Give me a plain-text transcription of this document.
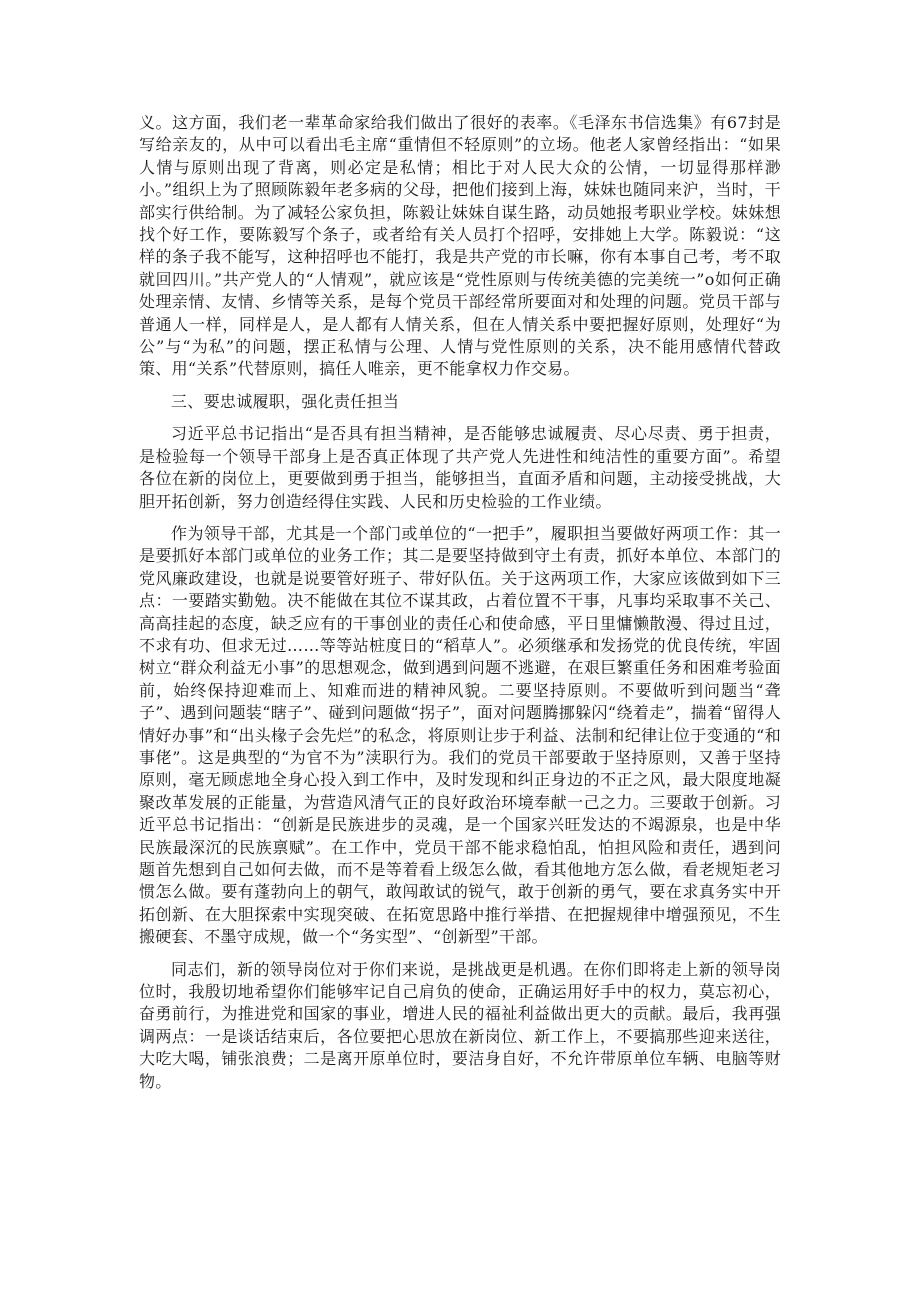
义。这方面，我们老一辈革命家给我们做出了很好的表率。《毛泽东书信选集》有67封是写给亲友的，从中可以看出毛主席“重情但不轻原则”的立场。他老人家曾经指出：“如果人情与原则出现了背离，则必定是私情；相比于对人民大众的公情，一切显得那样渺小。”组织上为了照顾陈毅年老多病的父母，把他们接到上海，妹妹也随同来沪，当时，干部实行供给制。为了减轻公家负担，陈毅让妹妹自谋生路，动员她报考职业学校。妹妹想找个好工作，要陈毅写个条子，或者给有关人员打个招呼，安排她上大学。陈毅说：“这样的条子我不能写，这种招呼也不能打，我是共产党的市长嘛，你有本事自己考，考不取就回四川。”共产党人的“人情观”，就应该是“党性原则与传统美德的完美统一”o如何正确处理亲情、友情、乡情等关系，是每个党员干部经常所要面对和处理的问题。党员干部与普通人一样，同样是人，是人都有人情关系，但在人情关系中要把握好原则，处理好“为公”与“为私”的问题，摆正私情与公理、人情与党性原则的关系，决不能用感情代替政策、用“关系”代替原则，搞任人唯亲，更不能拿权力作交易。

三、要忠诚履职，强化责任担当

习近平总书记指出“是否具有担当精神，是否能够忠诚履责、尽心尽责、勇于担责，是检验每一个领导干部身上是否真正体现了共产党人先进性和纯洁性的重要方面”。希望各位在新的岗位上，更要做到勇于担当，能够担当，直面矛盾和问题，主动接受挑战，大胆开拓创新，努力创造经得住实践、人民和历史检验的工作业绩。

作为领导干部，尤其是一个部门或单位的“一把手”，履职担当要做好两项工作：其一是要抓好本部门或单位的业务工作；其二是要坚持做到守土有责，抓好本单位、本部门的党风廉政建设，也就是说要管好班子、带好队伍。关于这两项工作，大家应该做到如下三点：一要踏实勤勉。决不能做在其位不谋其政，占着位置不干事，凡事均采取事不关己、高高挂起的态度，缺乏应有的干事创业的责任心和使命感，平日里慵懒散漫、得过且过，不求有功、但求无过……等等站桩度日的“稻草人”。必须继承和发扬党的优良传统，牢固树立“群众利益无小事”的思想观念，做到遇到问题不逃避，在艰巨繁重任务和困难考验面前，始终保持迎难而上、知难而进的精神风貌。二要坚持原则。不要做听到问题当“聋子”、遇到问题装“瞎子”、碰到问题做“拐子”，面对问题腾挪躲闪“绕着走”，揣着“留得人情好办事”和“出头椽子会先烂”的私念，将原则让步于利益、法制和纪律让位于变通的“和事佬”。这是典型的“为官不为”渎职行为。我们的党员干部要敢于坚持原则，又善于坚持原则，毫无顾虑地全身心投入到工作中，及时发现和纠正身边的不正之风，最大限度地凝聚改革发展的正能量，为营造风清气正的良好政治环境奉献一己之力。三要敢于创新。习近平总书记指出：“创新是民族进步的灵魂，是一个国家兴旺发达的不竭源泉，也是中华民族最深沉的民族禀赋”。在工作中，党员干部不能求稳怕乱，怕担风险和责任，遇到问题首先想到自己如何去做，而不是等着看上级怎么做，看其他地方怎么做，看老规矩老习惯怎么做。要有蓬勃向上的朝气，敢闯敢试的锐气，敢于创新的勇气，要在求真务实中开拓创新、在大胆探索中实现突破、在拓宽思路中推行举措、在把握规律中增强预见，不生搬硬套、不墨守成规，做一个“务实型”、“创新型”干部。

同志们，新的领导岗位对于你们来说，是挑战更是机遇。在你们即将走上新的领导岗位时，我殷切地希望你们能够牢记自己肩负的使命，正确运用好手中的权力，莫忘初心，奋勇前行，为推进党和国家的事业，增进人民的福祉利益做出更大的贡献。最后，我再强调两点：一是谈话结束后，各位要把心思放在新岗位、新工作上，不要搞那些迎来送往，大吃大喝，铺张浪费；二是离开原单位时，要洁身自好，不允许带原单位车辆、电脑等财物。
